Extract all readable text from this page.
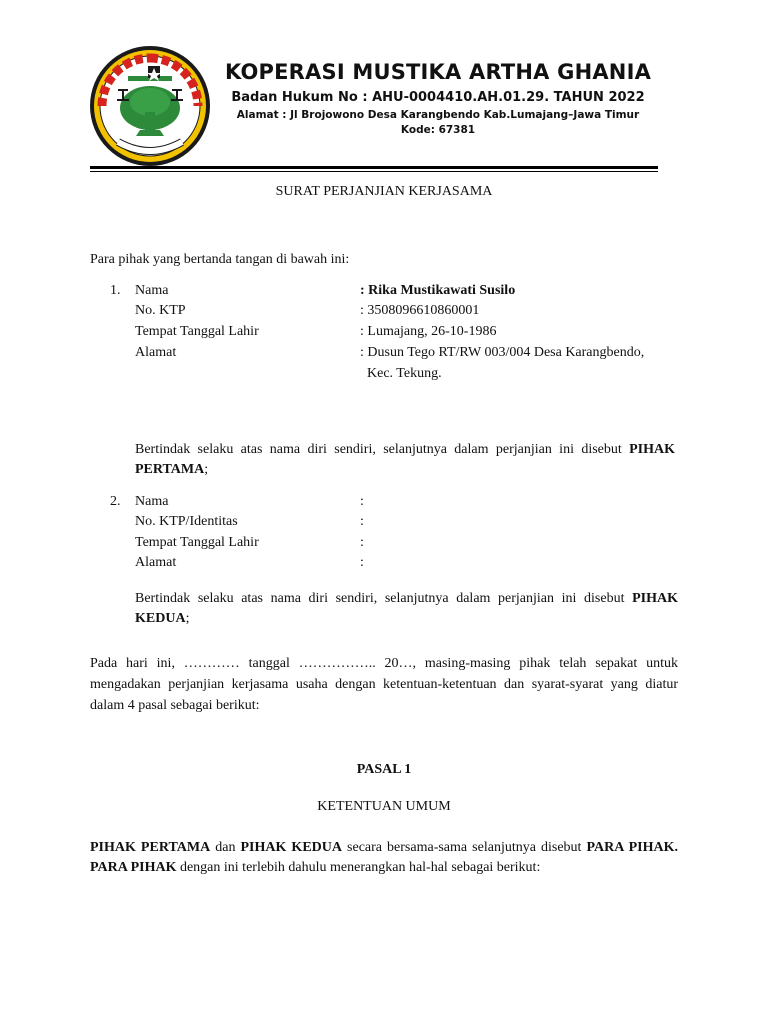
KOPERASI MUSTIKA ARTHA GHANIA
Badan Hukum No : AHU-0004410.AH.01.29. TAHUN 2022
Alamat : Jl Brojowono Desa Karangbendo Kab.Lumajang–Jawa Timur Kode: 67381
SURAT PERJANJIAN KERJASAMA
Para pihak yang bertanda tangan di bawah ini:
1. Nama	: Rika Mustikawati Susilo
No. KTP	: 3508096610860001
Tempat Tanggal Lahir	: Lumajang, 26-10-1986
Alamat	: Dusun Tego RT/RW 003/004 Desa Karangbendo,
Kec. Tekung.
Bertindak selaku atas nama diri sendiri, selanjutnya dalam perjanjian ini disebut PIHAK PERTAMA;
2. Nama	:
No. KTP/Identitas	:
Tempat Tanggal Lahir	:
Alamat	:
Bertindak selaku atas nama diri sendiri, selanjutnya dalam perjanjian ini disebut PIHAK KEDUA;
Pada hari ini, ………… tanggal …………….. 20…, masing-masing pihak telah sepakat untuk mengadakan perjanjian kerjasama usaha dengan ketentuan-ketentuan dan syarat-syarat yang diatur dalam 4 pasal sebagai berikut:
PASAL 1
KETENTUAN UMUM
PIHAK PERTAMA dan PIHAK KEDUA secara bersama-sama selanjutnya disebut PARA PIHAK. PARA PIHAK dengan ini terlebih dahulu menerangkan hal-hal sebagai berikut:
